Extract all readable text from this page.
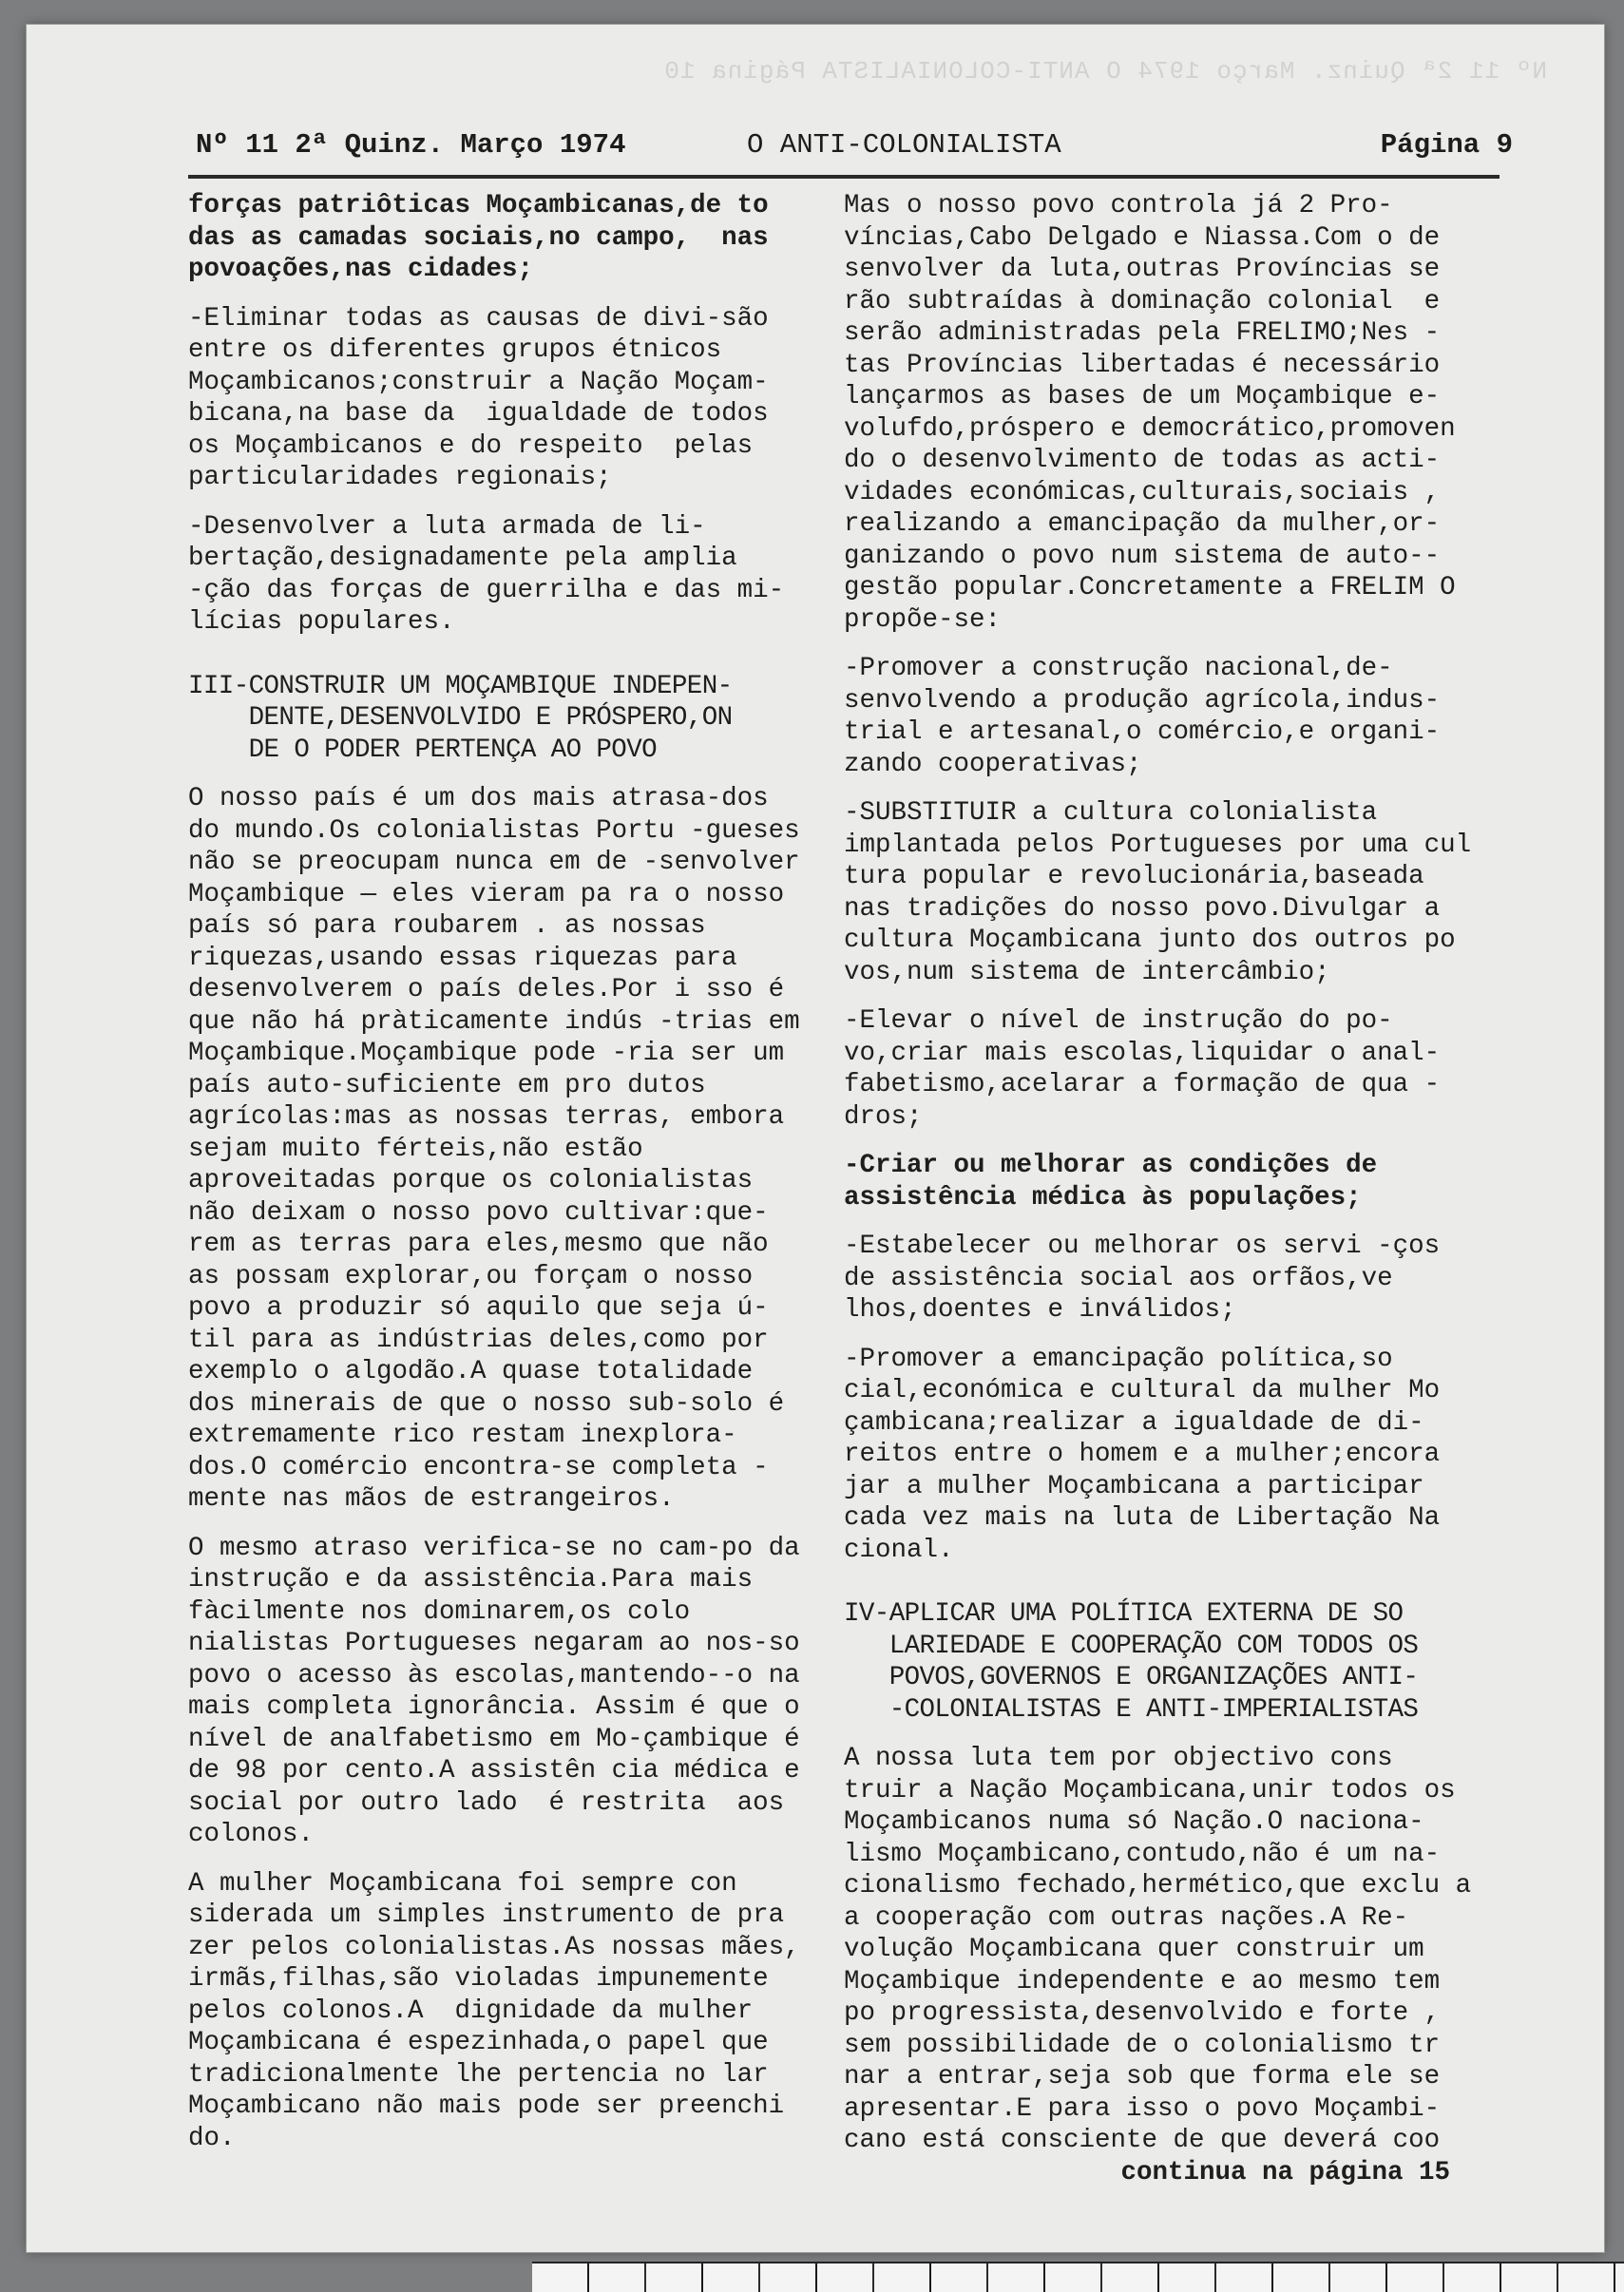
Nº 11 2ª Quinz. Março 1974 O ANTI-COLONIALISTA Página 10
Nº 11 2ª Quinz. Março 1974	O ANTI-COLONIALISTA	Página 9

forças patriôticas Moçambicanas,de to das as camadas sociais,no campo,  nas povoações,nas cidades;

-Eliminar todas as causas de divi-são entre os diferentes grupos étnicos Moçambicanos;construir a Nação Moçam-bicana,na base da  igualdade de todos os Moçambicanos e do respeito  pelas particularidades regionais;

-Desenvolver a luta armada de li-bertação,designadamente pela amplia -ção das forças de guerrilha e das mi-lícias populares.

III-CONSTRUIR UM MOÇAMBIQUE INDEPEN-
DENTE,DESENVOLVIDO E PRÓSPERO,ON
DE O PODER PERTENÇA AO POVO

O nosso país é um dos mais atrasa-dos do mundo.Os colonialistas Portu -gueses não se preocupam nunca em de -senvolver Moçambique — eles vieram pa ra o nosso país só para roubarem . as nossas riquezas,usando essas riquezas para desenvolverem o país deles.Por i sso é que não há pràticamente indús -trias em Moçambique.Moçambique pode -ria ser um país auto-suficiente em pro dutos agrícolas:mas as nossas terras, embora sejam muito férteis,não estão aproveitadas porque os colonialistas não deixam o nosso povo cultivar:que-rem as terras para eles,mesmo que não as possam explorar,ou forçam o nosso povo a produzir só aquilo que seja ú-til para as indústrias deles,como por exemplo o algodão.A quase totalidade dos minerais de que o nosso sub-solo é extremamente rico restam inexplora-dos.O comércio encontra-se completa -mente nas mãos de estrangeiros.

O mesmo atraso verifica-se no cam-po da instrução e da assistência.Para mais fàcilmente nos dominarem,os colo nialistas Portugueses negaram ao nos-so povo o acesso às escolas,mantendo--o na mais completa ignorância. Assim é que o nível de analfabetismo em Mo-çambique é de 98 por cento.A assistên cia médica e social por outro lado  é restrita  aos colonos.

A mulher Moçambicana foi sempre con siderada um simples instrumento de pra zer pelos colonialistas.As nossas mães, irmãs,filhas,são violadas impunemente pelos colonos.A  dignidade da mulher Moçambicana é espezinhada,o papel que tradicionalmente lhe pertencia no lar Moçambicano não mais pode ser preenchi do.

Mas o nosso povo controla já 2 Pro-víncias,Cabo Delgado e Niassa.Com o de senvolver da luta,outras Províncias se rão subtraídas à dominação colonial  e serão administradas pela FRELIMO;Nes -tas Províncias libertadas é necessário lançarmos as bases de um Moçambique e-volufdo,próspero e democrático,promoven do o desenvolvimento de todas as acti-vidades económicas,culturais,sociais , realizando a emancipação da mulher,or-ganizando o povo num sistema de auto--gestão popular.Concretamente a FRELIM O propõe-se:

-Promover a construção nacional,de-senvolvendo a produção agrícola,indus-trial e artesanal,o comércio,e organi-zando cooperativas;

-SUBSTITUIR a cultura colonialista implantada pelos Portugueses por uma cul tura popular e revolucionária,baseada nas tradições do nosso povo.Divulgar a cultura Moçambicana junto dos outros po vos,num sistema de intercâmbio;

-Elevar o nível de instrução do po-vo,criar mais escolas,liquidar o anal-fabetismo,acelarar a formação de qua -dros;

-Criar ou melhorar as condições de assistência médica às populações;

-Estabelecer ou melhorar os servi -ços de assistência social aos orfãos,ve lhos,doentes e inválidos;

-Promover a emancipação política,so cial,económica e cultural da mulher Mo çambicana;realizar a igualdade de di-reitos entre o homem e a mulher;encora jar a mulher Moçambicana a participar cada vez mais na luta de Libertação Na cional.

IV-APLICAR UMA POLÍTICA EXTERNA DE SO
LARIEDADE E COOPERAÇÃO COM TODOS OS
POVOS,GOVERNOS E ORGANIZAÇÕES ANTI-
-COLONIALISTAS E ANTI-IMPERIALISTAS

A nossa luta tem por objectivo cons truir a Nação Moçambicana,unir todos os Moçambicanos numa só Nação.O naciona-lismo Moçambicano,contudo,não é um na-cionalismo fechado,hermético,que exclu a a cooperação com outras nações.A Re-volução Moçambicana quer construir um Moçambique independente e ao mesmo tem po progressista,desenvolvido e forte , sem possibilidade de o colonialismo tr nar a entrar,seja sob que forma ele se apresentar.E para isso o povo Moçambi-cano está consciente de que deverá coo

continua na página 15
